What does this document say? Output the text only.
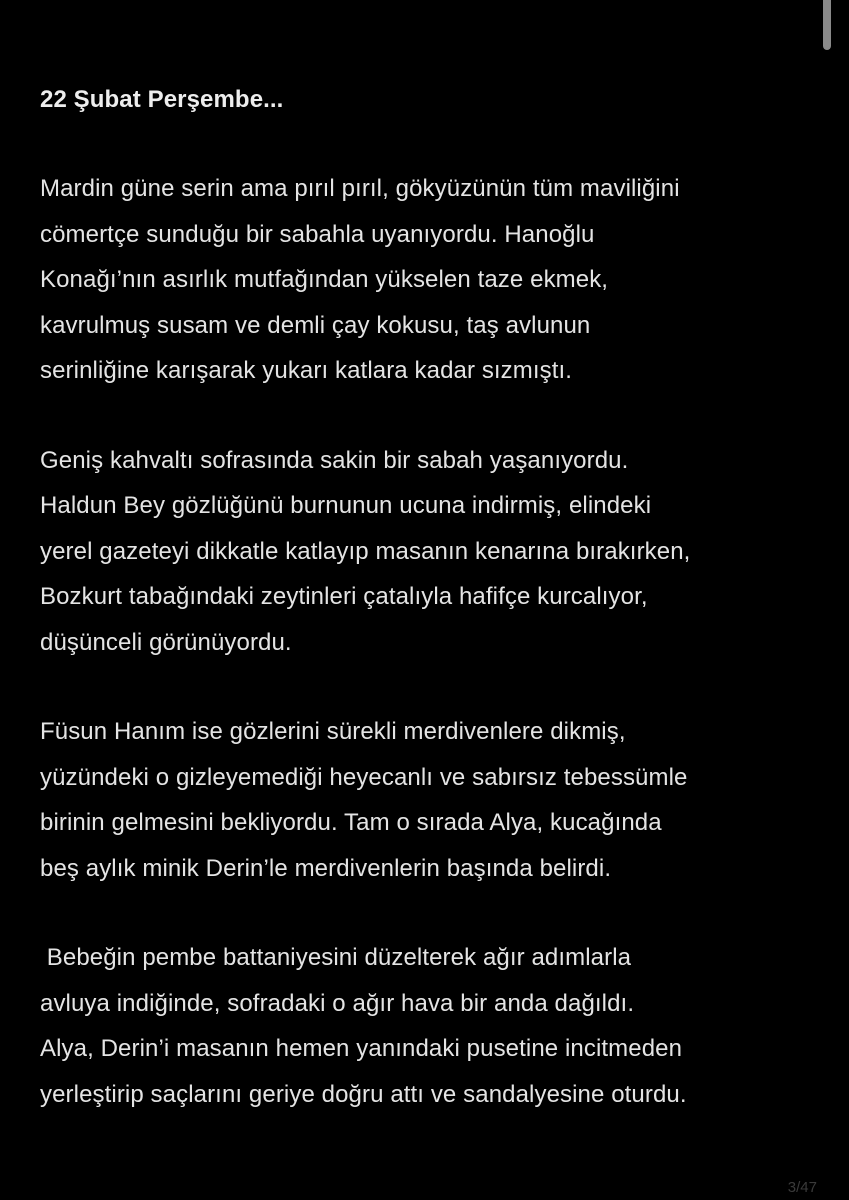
22 Şubat Perşembe...

Mardin güne serin ama pırıl pırıl, gökyüzünün tüm maviliğini
cömertçe sunduğu bir sabahla uyanıyordu. Hanoğlu
Konağı’nın asırlık mutfağından yükselen taze ekmek,
kavrulmuş susam ve demli çay kokusu, taş avlunun
serinliğine karışarak yukarı katlara kadar sızmıştı.

Geniş kahvaltı sofrasında sakin bir sabah yaşanıyordu.
Haldun Bey gözlüğünü burnunun ucuna indirmiş, elindeki
yerel gazeteyi dikkatle katlayıp masanın kenarına bırakırken,
Bozkurt tabağındaki zeytinleri çatalıyla hafifçe kurcalıyor,
düşünceli görünüyordu.

Füsun Hanım ise gözlerini sürekli merdivenlere dikmiş,
yüzündeki o gizleyemediği heyecanlı ve sabırsız tebessümle
birinin gelmesini bekliyordu. Tam o sırada Alya, kucağında
beş aylık minik Derin’le merdivenlerin başında belirdi.

Bebeğin pembe battaniyesini düzelterek ağır adımlarla
avluya indiğinde, sofradaki o ağır hava bir anda dağıldı.
Alya, Derin’i masanın hemen yanındaki pusetine incitmeden
yerleştirip saçlarını geriye doğru attı ve sandalyesine oturdu.

3/47
